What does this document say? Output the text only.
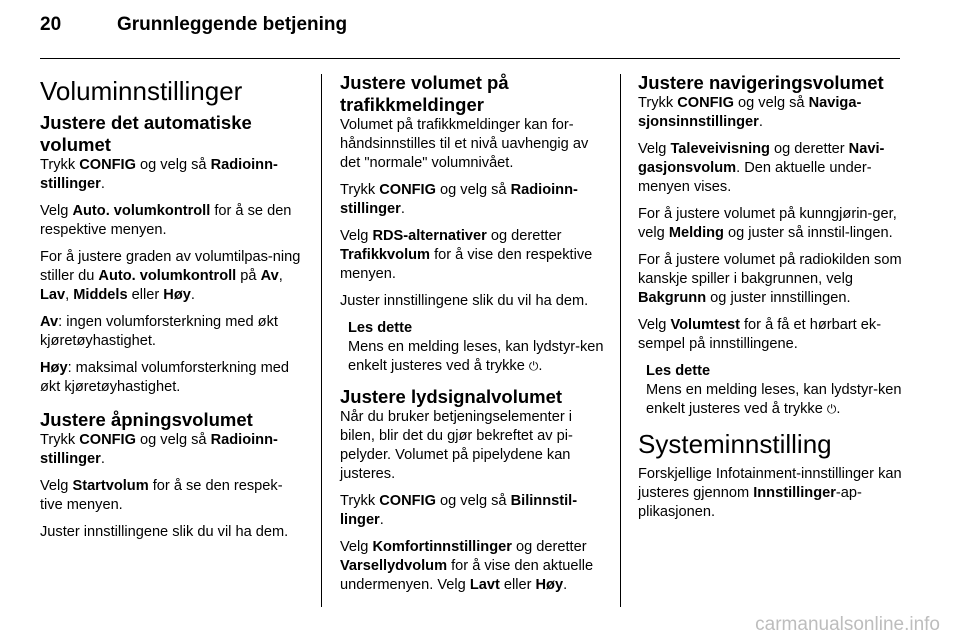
20	Grunnleggende betjening
Voluminnstillinger
Justere det automatiske volumet

Trykk CONFIG og velg så Radioinn-stillinger.

Velg Auto. volumkontroll for å se den respektive menyen.

For å justere graden av volumtilpas-ning stiller du Auto. volumkontroll på Av, Lav, Middels eller Høy.

Av: ingen volumforsterkning med økt kjøretøyhastighet.

Høy: maksimal volumforsterkning med økt kjøretøyhastighet.

Justere åpningsvolumet

Trykk CONFIG og velg så Radioinn-stillinger.

Velg Startvolum for å se den respek-tive menyen.

Juster innstillingene slik du vil ha dem.

Justere volumet på trafikkmeldinger

Volumet på trafikkmeldinger kan for-håndsinnstilles til et nivå uavhengig av det "normale" volumnivået.

Trykk CONFIG og velg så Radioinn-stillinger.

Velg RDS-alternativer og deretter Trafikkvolum for å vise den respektive menyen.

Juster innstillingene slik du vil ha dem.

Les dette
Mens en melding leses, kan lydstyr-ken enkelt justeres ved å trykke ⏻.
Justere lydsignalvolumet

Når du bruker betjeningselementer i bilen, blir det du gjør bekreftet av pi-pelyder. Volumet på pipelydene kan justeres.

Trykk CONFIG og velg så Bilinnstil-linger.

Velg Komfortinnstillinger og deretter Varsellydvolum for å vise den aktuelle undermenyen. Velg Lavt eller Høy.

Justere navigeringsvolumet

Trykk CONFIG og velg så Naviga-sjonsinnstillinger.

Velg Taleveivisning og deretter Navi-gasjonsvolum. Den aktuelle under-menyen vises.

For å justere volumet på kunngjørin-ger, velg Melding og juster så innstil-lingen.

For å justere volumet på radiokilden som kanskje spiller i bakgrunnen, velg Bakgrunn og juster innstillingen.

Velg Volumtest for å få et hørbart ek-sempel på innstillingene.

Les dette
Mens en melding leses, kan lydstyr-ken enkelt justeres ved å trykke ⏻.
Systeminnstilling

Forskjellige Infotainment-innstillinger kan justeres gjennom Innstillinger-ap-plikasjonen.

carmanualsonline.info
